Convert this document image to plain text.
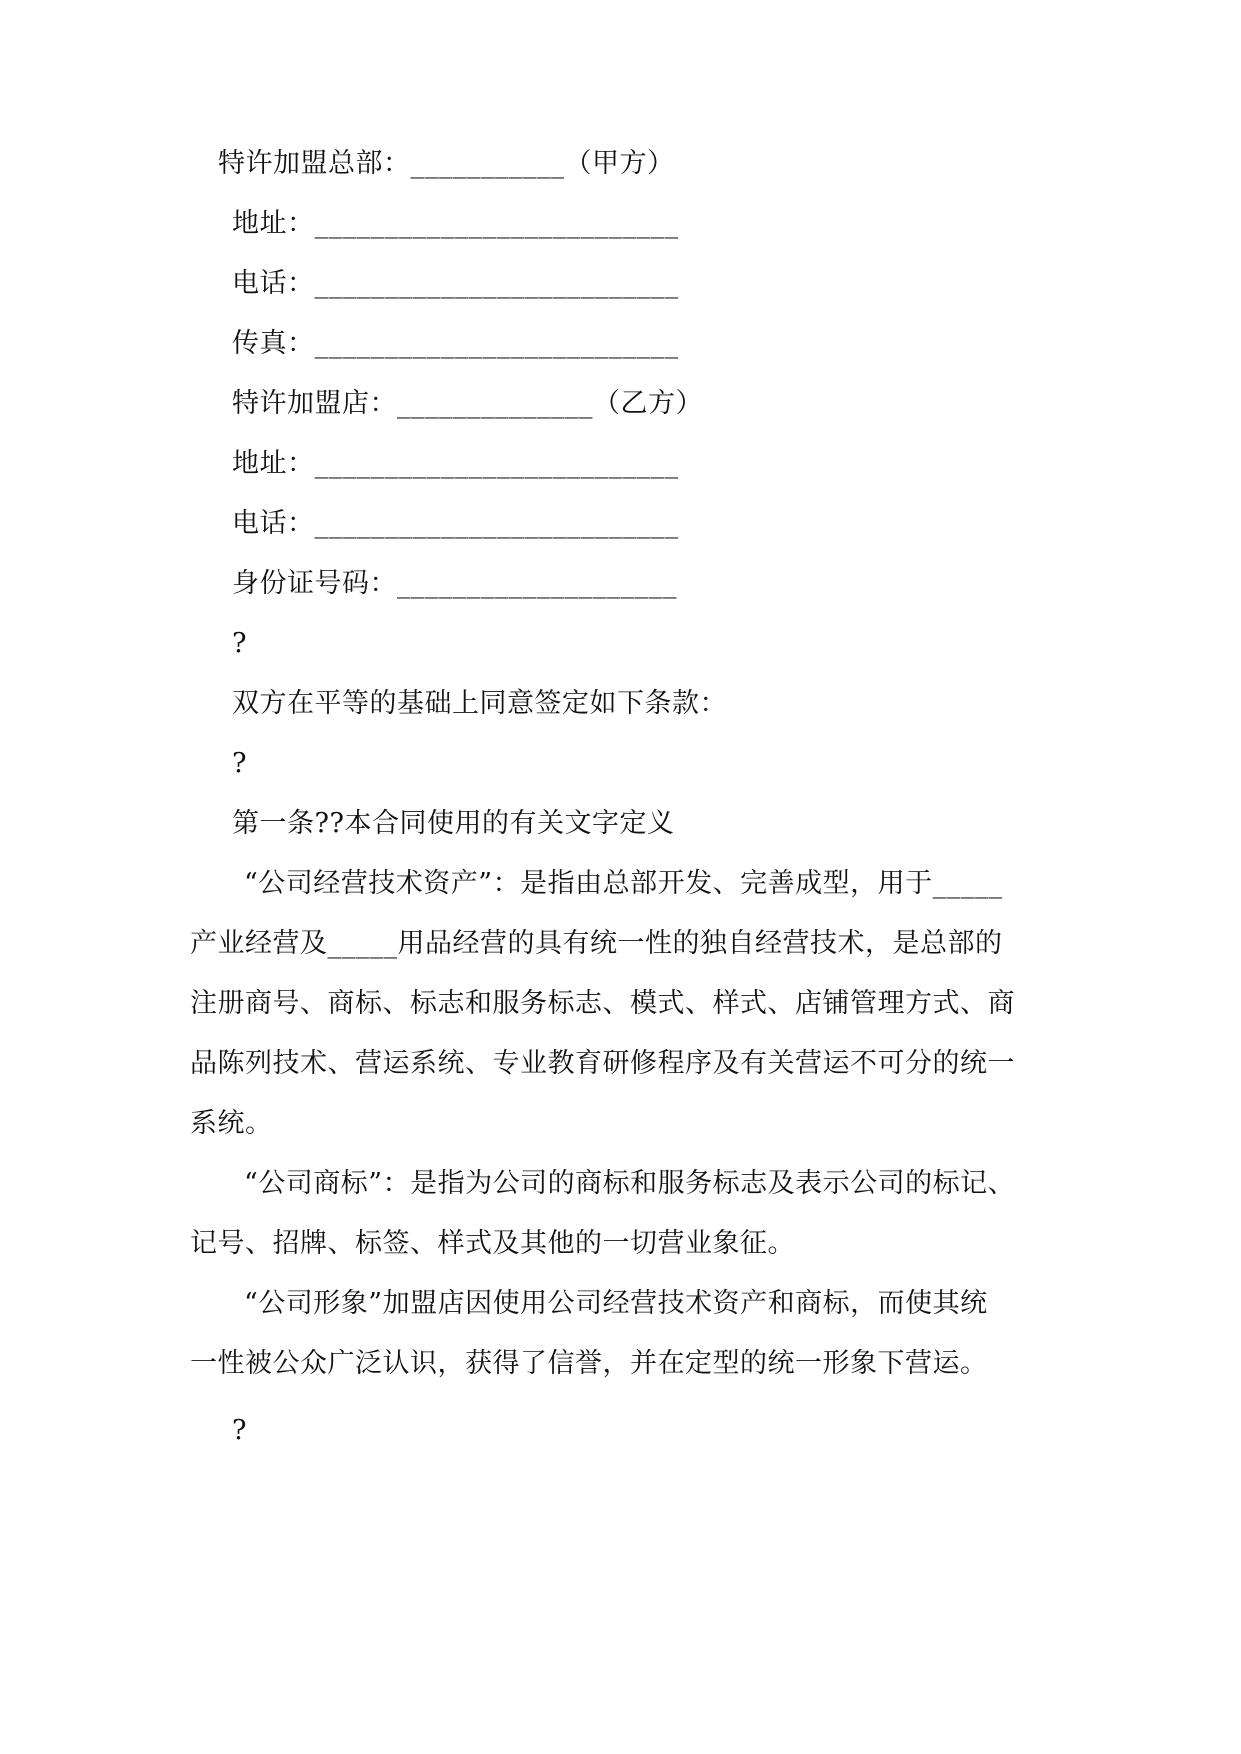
特许加盟总部：___________（甲方）
地址：__________________________
电话：__________________________
传真：__________________________
特许加盟店：______________（乙方）
地址：__________________________
电话：__________________________
身份证号码：____________________
?
双方在平等的基础上同意签定如下条款：
?
第一条??本合同使用的有关文字定义
“公司经营技术资产”：是指由总部开发、完善成型，用于_____
产业经营及_____用品经营的具有统一性的独自经营技术，是总部的
注册商号、商标、标志和服务标志、模式、样式、店铺管理方式、商
品陈列技术、营运系统、专业教育研修程序及有关营运不可分的统一
系统。
“公司商标”：是指为公司的商标和服务标志及表示公司的标记、
记号、招牌、标签、样式及其他的一切营业象征。
“公司形象”加盟店因使用公司经营技术资产和商标，而使其统
一性被公众广泛认识，获得了信誉，并在定型的统一形象下营运。
?
